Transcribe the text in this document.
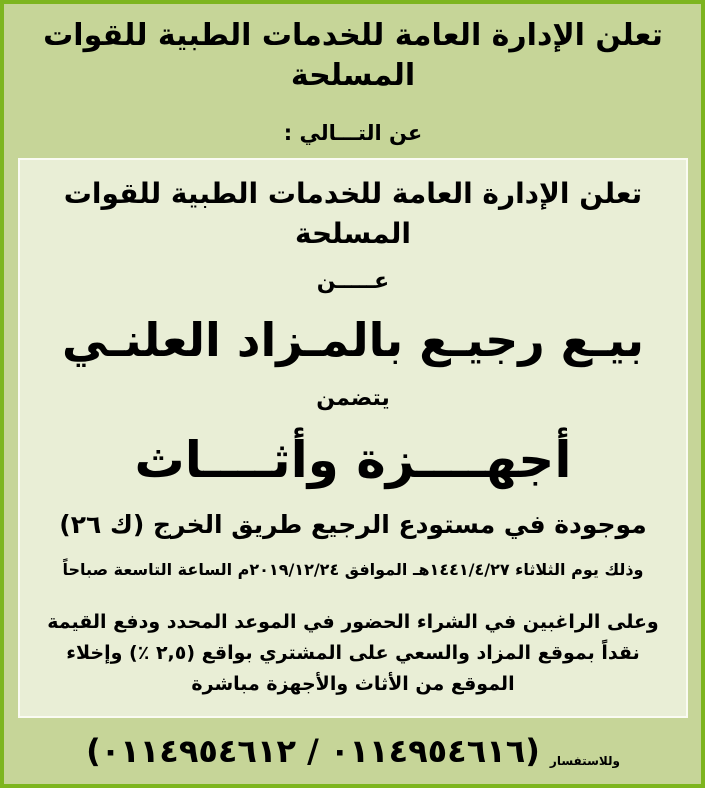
تعلن الإدارة العامة للخدمات الطبية للقوات المسلحة
عن التـــالي :
تعلن الإدارة العامة للخدمات الطبية للقوات المسلحة
عـــــن
بيـع رجيـع بالمـزاد العلنـي
يتضمن
أجهــــزة وأثــــاث
موجودة في مستودع الرجيع طريق الخرج (ك ٢٦)
وذلك يوم الثلاثاء ١٤٤١/٤/٢٧هـ الموافق ٢٠١٩/١٢/٢٤م الساعة التاسعة صباحاً
وعلى الراغبين في الشراء الحضور في الموعد المحدد ودفع القيمة نقداً بموقع المزاد والسعي على المشتري بواقع (٢,٥ ٪) وإخلاء الموقع من الأثاث والأجهزة مباشرة
وللاستفسار
(٠١١٤٩٥٤٦١٦ / ٠١١٤٩٥٤٦١٢)
